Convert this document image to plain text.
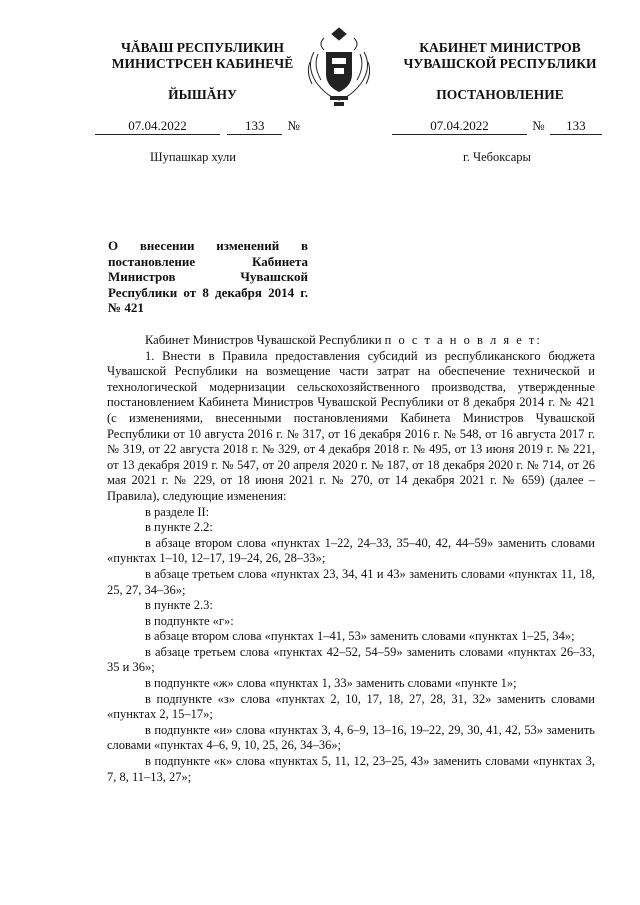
ЧĂВАШ РЕСПУБЛИКИН
МИНИСТРСЕН КАБИНЕЧĔ
ЙЫШĂНУ
КАБИНЕТ МИНИСТРОВ
ЧУВАШСКОЙ РЕСПУБЛИКИ
ПОСТАНОВЛЕНИЕ
07.04.2022	133 №	07.04.2022	№ 133
Шупашкар хули	г. Чебоксары
О внесении изменений в постановление Кабинета Министров Чувашской Республики от 8 декабря 2014 г. № 421

Кабинет Министров Чувашской Республики п о с т а н о в л я е т:

1. Внести в Правила предоставления субсидий из республиканского бюджета Чувашской Республики на возмещение части затрат на обеспечение технической и технологической модернизации сельскохозяйственного производства, утвержденные постановлением Кабинета Министров Чувашской Республики от 8 декабря 2014 г. № 421 (с изменениями, внесенными постановлениями Кабинета Министров Чувашской Республики от 10 августа 2016 г. № 317, от 16 декабря 2016 г. № 548, от 16 августа 2017 г. № 319, от 22 августа 2018 г. № 329, от 4 декабря 2018 г. № 495, от 13 июня 2019 г. № 221, от 13 декабря 2019 г. № 547, от 20 апреля 2020 г. № 187, от 18 декабря 2020 г. № 714, от 26 мая 2021 г. № 229, от 18 июня 2021 г. № 270, от 14 декабря 2021 г. № 659) (далее – Правила), следующие изменения:

в разделе II:

в пункте 2.2:

в абзаце втором слова «пунктах 1–22, 24–33, 35–40, 42, 44–59» заменить словами «пунктах 1–10, 12–17, 19–24, 26, 28–33»;

в абзаце третьем слова «пунктах 23, 34, 41 и 43» заменить словами «пунктах 11, 18, 25, 27, 34–36»;

в пункте 2.3:

в подпункте «г»:

в абзаце втором слова «пунктах 1–41, 53» заменить словами «пунктах 1–25, 34»;

в абзаце третьем слова «пунктах 42–52, 54–59» заменить словами «пунктах 26–33, 35 и 36»;

в подпункте «ж» слова «пунктах 1, 33» заменить словами «пункте 1»;

в подпункте «з» слова «пунктах 2, 10, 17, 18, 27, 28, 31, 32» заменить словами «пунктах 2, 15–17»;

в подпункте «и» слова «пунктах 3, 4, 6–9, 13–16, 19–22, 29, 30, 41, 42, 53» заменить словами «пунктах 4–6, 9, 10, 25, 26, 34–36»;

в подпункте «к» слова «пунктах 5, 11, 12, 23–25, 43» заменить словами «пунктах 3, 7, 8, 11–13, 27»;
